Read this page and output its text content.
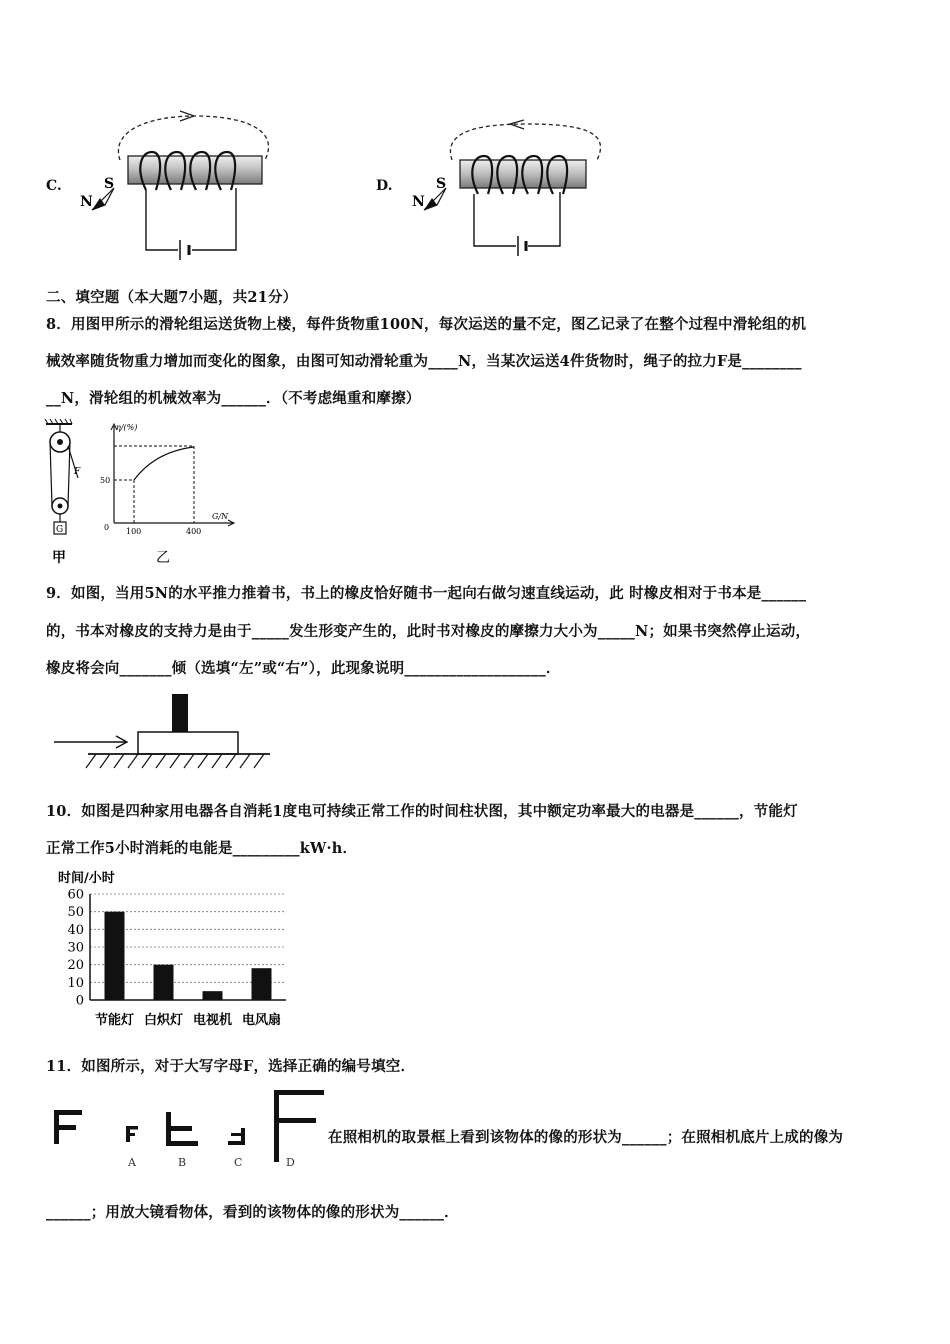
C.	S
N
D.	S
N
二、填空题（本大题7小题，共21分）
8．用图甲所示的滑轮组运送货物上楼，每件货物重100N，每次运送的量不定，图乙记录了在整个过程中滑轮组的机
械效率随货物重力增加而变化的图象，由图可知动滑轮重为____N，当某次运送4件货物时，绳子的拉力F是________
__N，滑轮组的机械效率为______．（不考虑绳重和摩擦）
F
G
甲
η/(%)
G/N
50
0 100	400
乙
9．如图，当用5N的水平推力推着书，书上的橡皮恰好随书一起向右做匀速直线运动，此 时橡皮相对于书本是______
的，书本对橡皮的支持力是由于_____发生形变产生的，此时书对橡皮的摩擦力大小为_____N；如果书突然停止运动，
橡皮将会向_______倾（选填“左”或“右”），此现象说明___________________．
10．如图是四种家用电器各自消耗1度电可持续正常工作的时间柱状图，其中额定功率最大的电器是______，节能灯
正常工作5小时消耗的电能是_________kW·h．
时间/小时
60
50
40
30
20
10
0
节能灯 白炽灯 电视机 电风扇
11．如图所示，对于大写字母F，选择正确的编号填空．
A	B	C	D
在照相机的取景框上看到该物体的像的形状为______；在照相机底片上成的像为
______；用放大镜看物体，看到的该物体的像的形状为______．
